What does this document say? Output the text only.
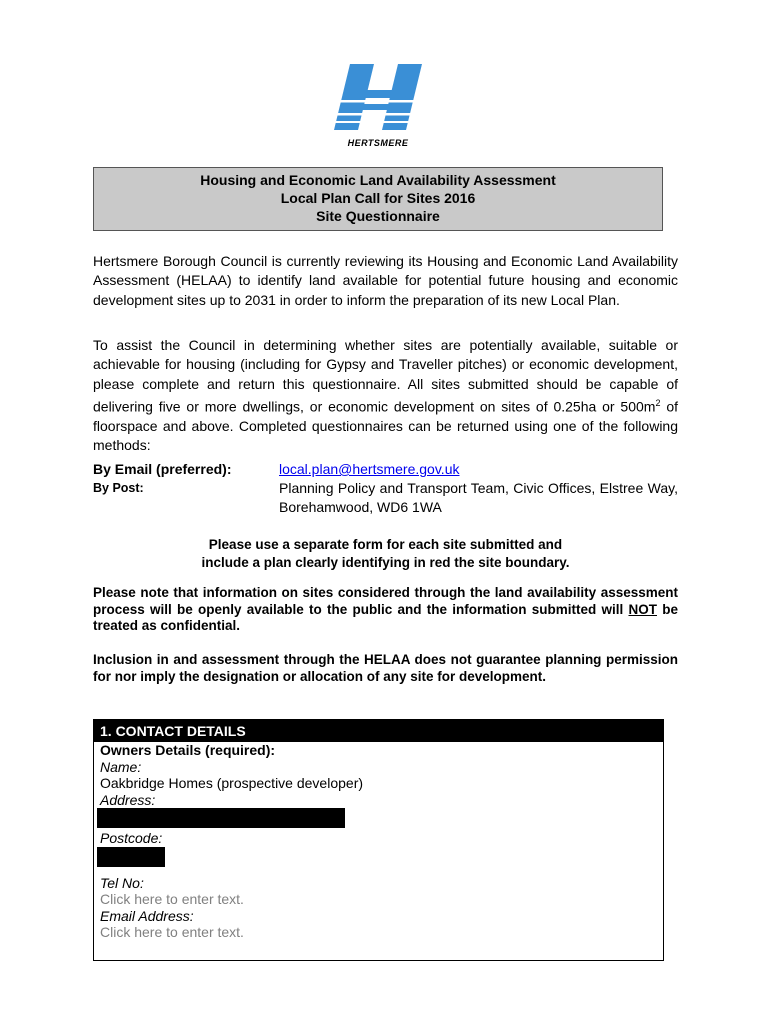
HERTSMERE
Housing and Economic Land Availability Assessment
Local Plan Call for Sites 2016
Site Questionnaire
Hertsmere Borough Council is currently reviewing its Housing and Economic Land Availability Assessment (HELAA) to identify land available for potential future housing and economic development sites up to 2031 in order to inform the preparation of its new Local Plan.
To assist the Council in determining whether sites are potentially available, suitable or achievable for housing (including for Gypsy and Traveller pitches) or economic development, please complete and return this questionnaire. All sites submitted should be capable of delivering five or more dwellings, or economic development on sites of 0.25ha or $500m^2$ of floorspace and above. Completed questionnaires can be returned using one of the following methods:
By Email (preferred):	local.plan@hertsmere.gov.uk
By Post:	Planning Policy and Transport Team, Civic Offices, Elstree Way, Borehamwood, WD6 1WA
Please use a separate form for each site submitted and
include a plan clearly identifying in red the site boundary.
Please note that information on sites considered through the land availability assessment process will be openly available to the public and the information submitted will NOT be treated as confidential.
Inclusion in and assessment through the HELAA does not guarantee planning permission for nor imply the designation or allocation of any site for development.
1. CONTACT DETAILS
Owners Details (required):
Name:
Oakbridge Homes (prospective developer)
Address:
Postcode:
Tel No:
Click here to enter text.
Email Address:
Click here to enter text.
